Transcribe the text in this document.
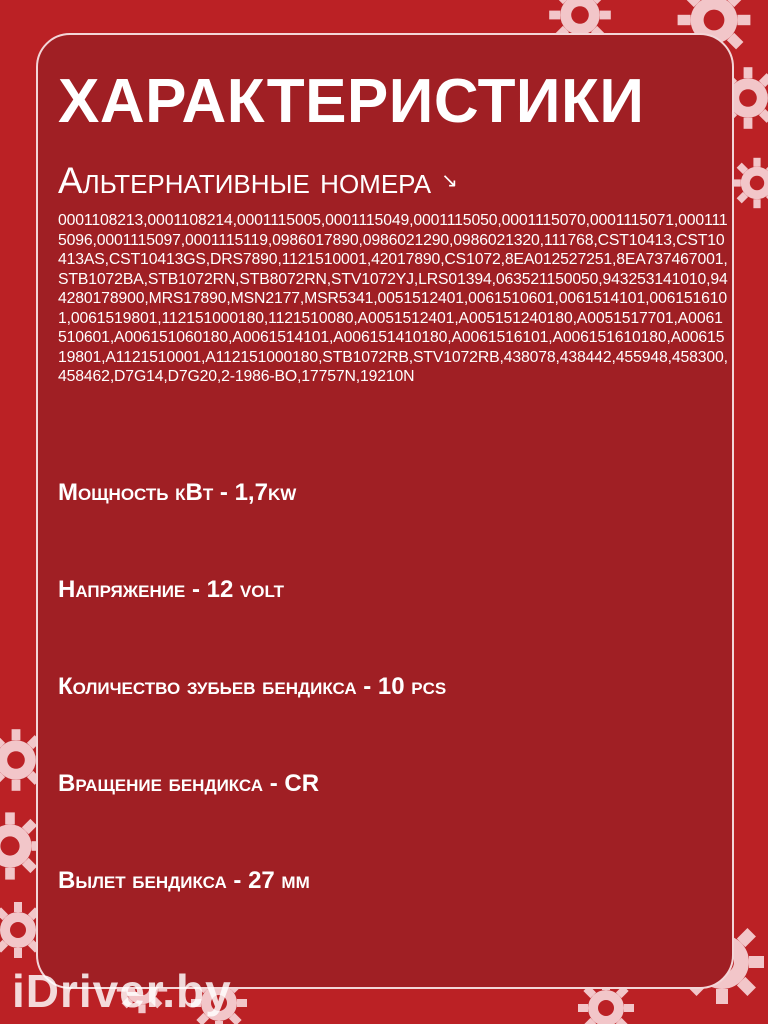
ХАРАКТЕРИСТИКИ
Альтернативные номера ↘
0001108213,0001108214,0001115005,0001115049,0001115050,0001115070,0001115071,0001115096,0001115097,0001115119,0986017890,0986021290,0986021320,111768,CST10413,CST10413AS,CST10413GS,DRS7890,1121510001,42017890,CS1072,8EA012527251,8EA737467001,STB1072BA,STB1072RN,STB8072RN,STV1072YJ,LRS01394,063521150050,943253141010,944280178900,MRS17890,MSN2177,MSR5341,0051512401,0061510601,0061514101,0061516101,0061519801,112151000180,1121510080,A0051512401,A005151240180,A0051517701,A0061510601,A006151060180,A0061514101,A006151410180,A0061516101,A006151610180,A0061519801,A1121510001,A112151000180,STB1072RB,STV1072RB,438078,438442,455948,458300,458462,D7G14,D7G20,2-1986-BO,17757N,19210N
Мощность кВт - 1,7kw
Напряжение - 12 volt
Количество зубьев бендикса - 10 pcs
Вращение бендикса - CR
Вылет бендикса - 27 мм
iDriver.by
